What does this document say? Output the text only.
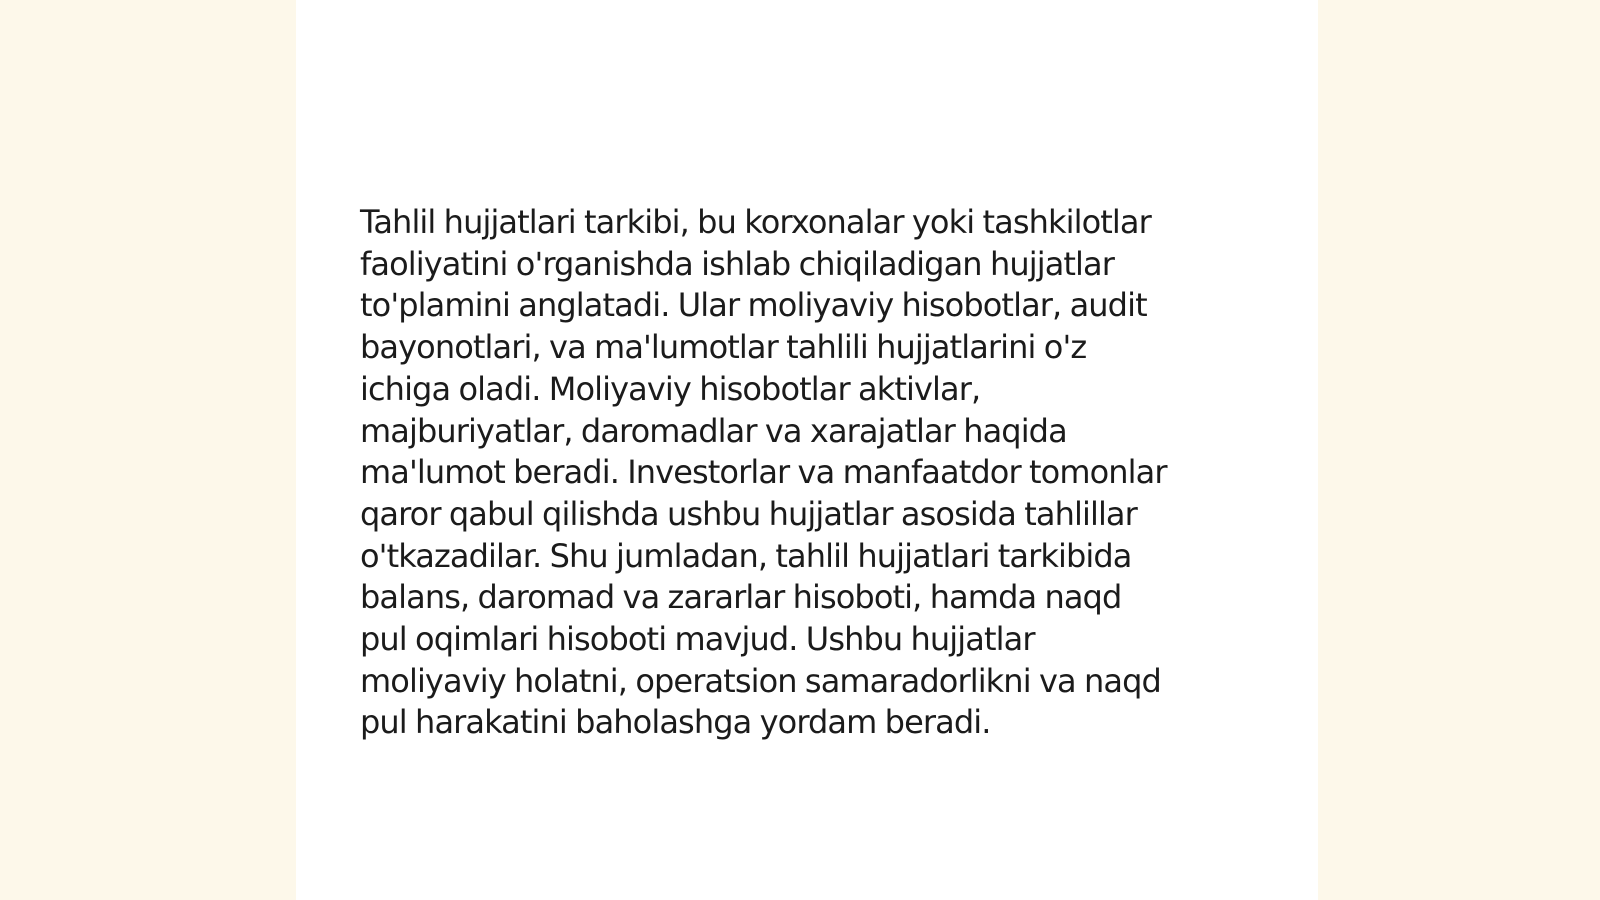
Tahlil hujjatlari tarkibi, bu korxonalar yoki tashkilotlar
faoliyatini o'rganishda ishlab chiqiladigan hujjatlar
to'plamini anglatadi. Ular moliyaviy hisobotlar, audit
bayonotlari, va ma'lumotlar tahlili hujjatlarini o'z
ichiga oladi. Moliyaviy hisobotlar aktivlar,
majburiyatlar, daromadlar va xarajatlar haqida
ma'lumot beradi. Investorlar va manfaatdor tomonlar
qaror qabul qilishda ushbu hujjatlar asosida tahlillar
o'tkazadilar. Shu jumladan, tahlil hujjatlari tarkibida
balans, daromad va zararlar hisoboti, hamda naqd
pul oqimlari hisoboti mavjud. Ushbu hujjatlar
moliyaviy holatni, operatsion samaradorlikni va naqd
pul harakatini baholashga yordam beradi.
